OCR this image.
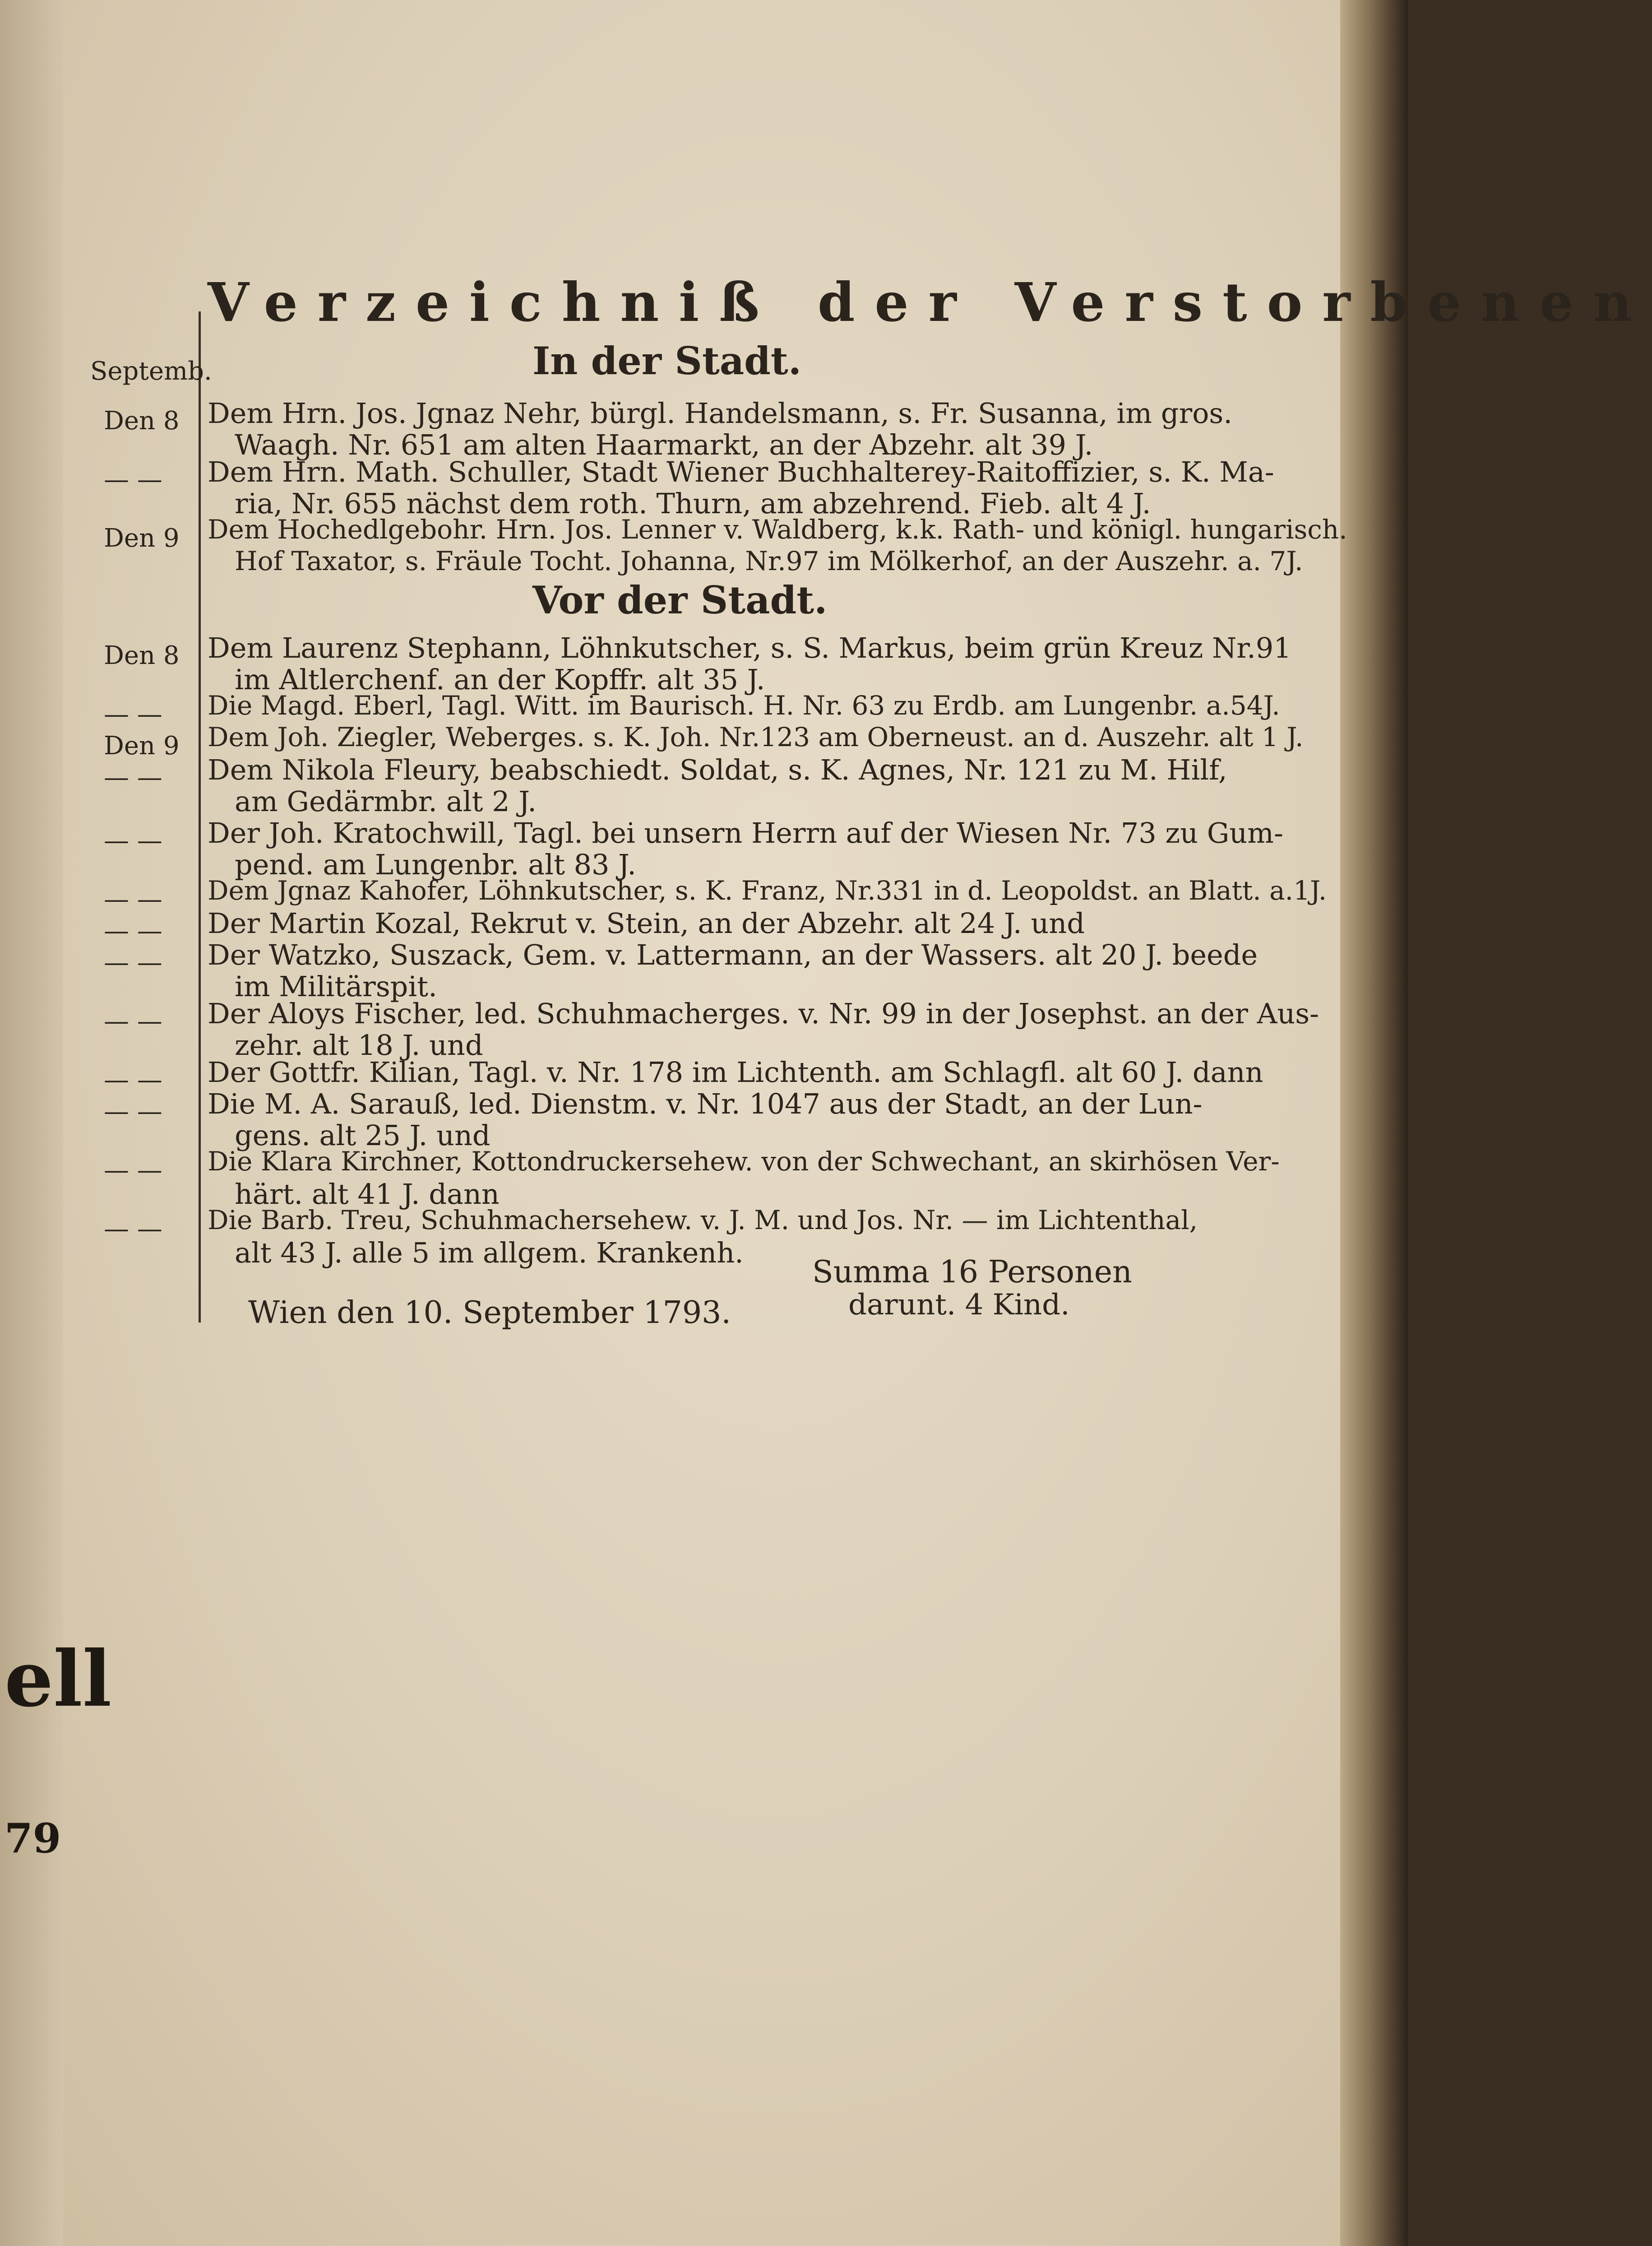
Verzeichniß der Verstorbenen
Septemb.	In der Stadt.
Den 8 Dem Hrn. Jos. Jgnaz Nehr, bürgl. Handelsmann, s. Fr. Susanna, im gros.
Waagh. Nr. 651 am alten Haarmarkt, an der Abzehr. alt 39 J.
— — Dem Hrn. Math. Schuller, Stadt Wiener Buchhalterey-Raitoffizier, s. K. Ma-
ria, Nr. 655 nächst dem roth. Thurn, am abzehrend. Fieb. alt 4 J.
Den 9 Dem Hochedlgebohr. Hrn. Jos. Lenner v. Waldberg, k.k. Rath- und königl. hungarisch.
Hof Taxator, s. Fräule Tocht. Johanna, Nr.97 im Mölkerhof, an der Auszehr. a. 7J.
Vor der Stadt.
Den 8 Dem Laurenz Stephann, Löhnkutscher, s. S. Markus, beim grün Kreuz Nr.91
im Altlerchenf. an der Kopffr. alt 35 J.
— — Die Magd. Eberl, Tagl. Witt. im Baurisch. H. Nr. 63 zu Erdb. am Lungenbr. a.54J.
Den 9 Dem Joh. Ziegler, Weberges. s. K. Joh. Nr.123 am Oberneust. an d. Auszehr. alt 1 J.
— — Dem Nikola Fleury, beabschiedt. Soldat, s. K. Agnes, Nr. 121 zu M. Hilf,
am Gedärmbr. alt 2 J.
— — Der Joh. Kratochwill, Tagl. bei unsern Herrn auf der Wiesen Nr. 73 zu Gum-
pend. am Lungenbr. alt 83 J.
— — Dem Jgnaz Kahofer, Löhnkutscher, s. K. Franz, Nr.331 in d. Leopoldst. an Blatt. a.1J.
— — Der Martin Kozal, Rekrut v. Stein, an der Abzehr. alt 24 J. und
— — Der Watzko, Suszack, Gem. v. Lattermann, an der Wassers. alt 20 J. beede
im Militärspit.
— — Der Aloys Fischer, led. Schuhmacherges. v. Nr. 99 in der Josephst. an der Aus-
zehr. alt 18 J. und
— — Der Gottfr. Kilian, Tagl. v. Nr. 178 im Lichtenth. am Schlagfl. alt 60 J. dann
— — Die M. A. Sarauß, led. Dienstm. v. Nr. 1047 aus der Stadt, an der Lun-
gens. alt 25 J. und
— — Die Klara Kirchner, Kottondruckersehew. von der Schwechant, an skirhösen Ver-
härt. alt 41 J. dann
— — Die Barb. Treu, Schuhmachersehew. v. J. M. und Jos. Nr. — im Lichtenthal,
alt 43 J. alle 5 im allgem. Krankenh.
Summa 16 Personen
darunt. 4 Kind.
Wien den 10. September 1793.
ell
79
